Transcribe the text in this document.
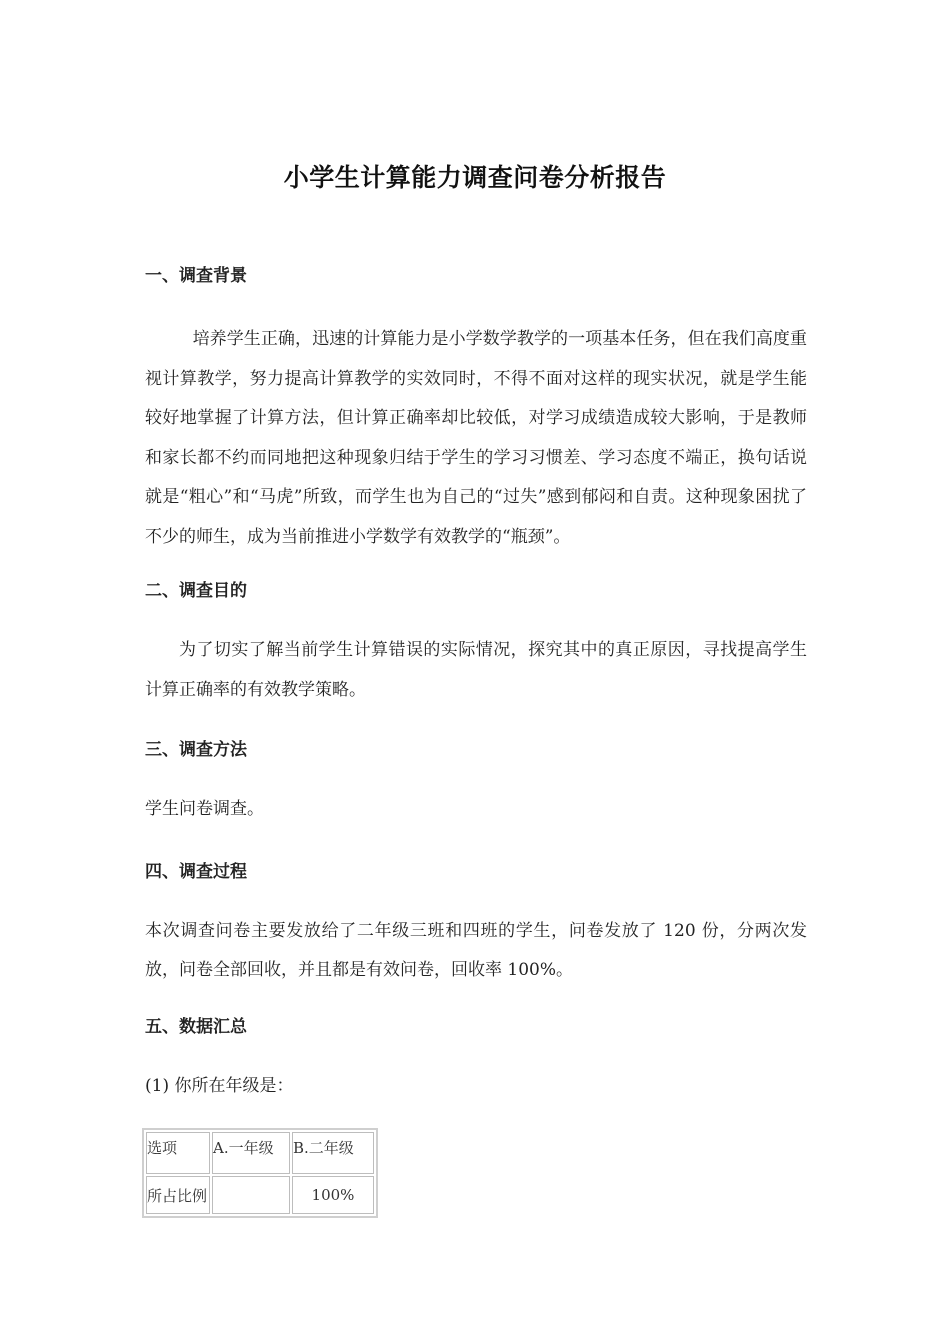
小学生计算能力调查问卷分析报告
一、调查背景

培养学生正确，迅速的计算能力是小学数学教学的一项基本任务，但在我们高度重视计算教学，努力提高计算教学的实效同时，不得不面对这样的现实状况，就是学生能较好地掌握了计算方法，但计算正确率却比较低，对学习成绩造成较大影响，于是教师和家长都不约而同地把这种现象归结于学生的学习习惯差、学习态度不端正，换句话说就是“粗心”和“马虎”所致，而学生也为自己的“过失”感到郁闷和自责。这种现象困扰了不少的师生，成为当前推进小学数学有效教学的“瓶颈”。

二、调查目的

为了切实了解当前学生计算错误的实际情况，探究其中的真正原因，寻找提高学生计算正确率的有效教学策略。

三、调查方法

学生问卷调查。

四、调查过程

本次调查问卷主要发放给了二年级三班和四班的学生，问卷发放了 120 份，分两次发放，问卷全部回收，并且都是有效问卷，回收率 100%。

五、数据汇总

(1) 你所在年级是：

选项	A.一年级	B.二年级
所占比例		100%
